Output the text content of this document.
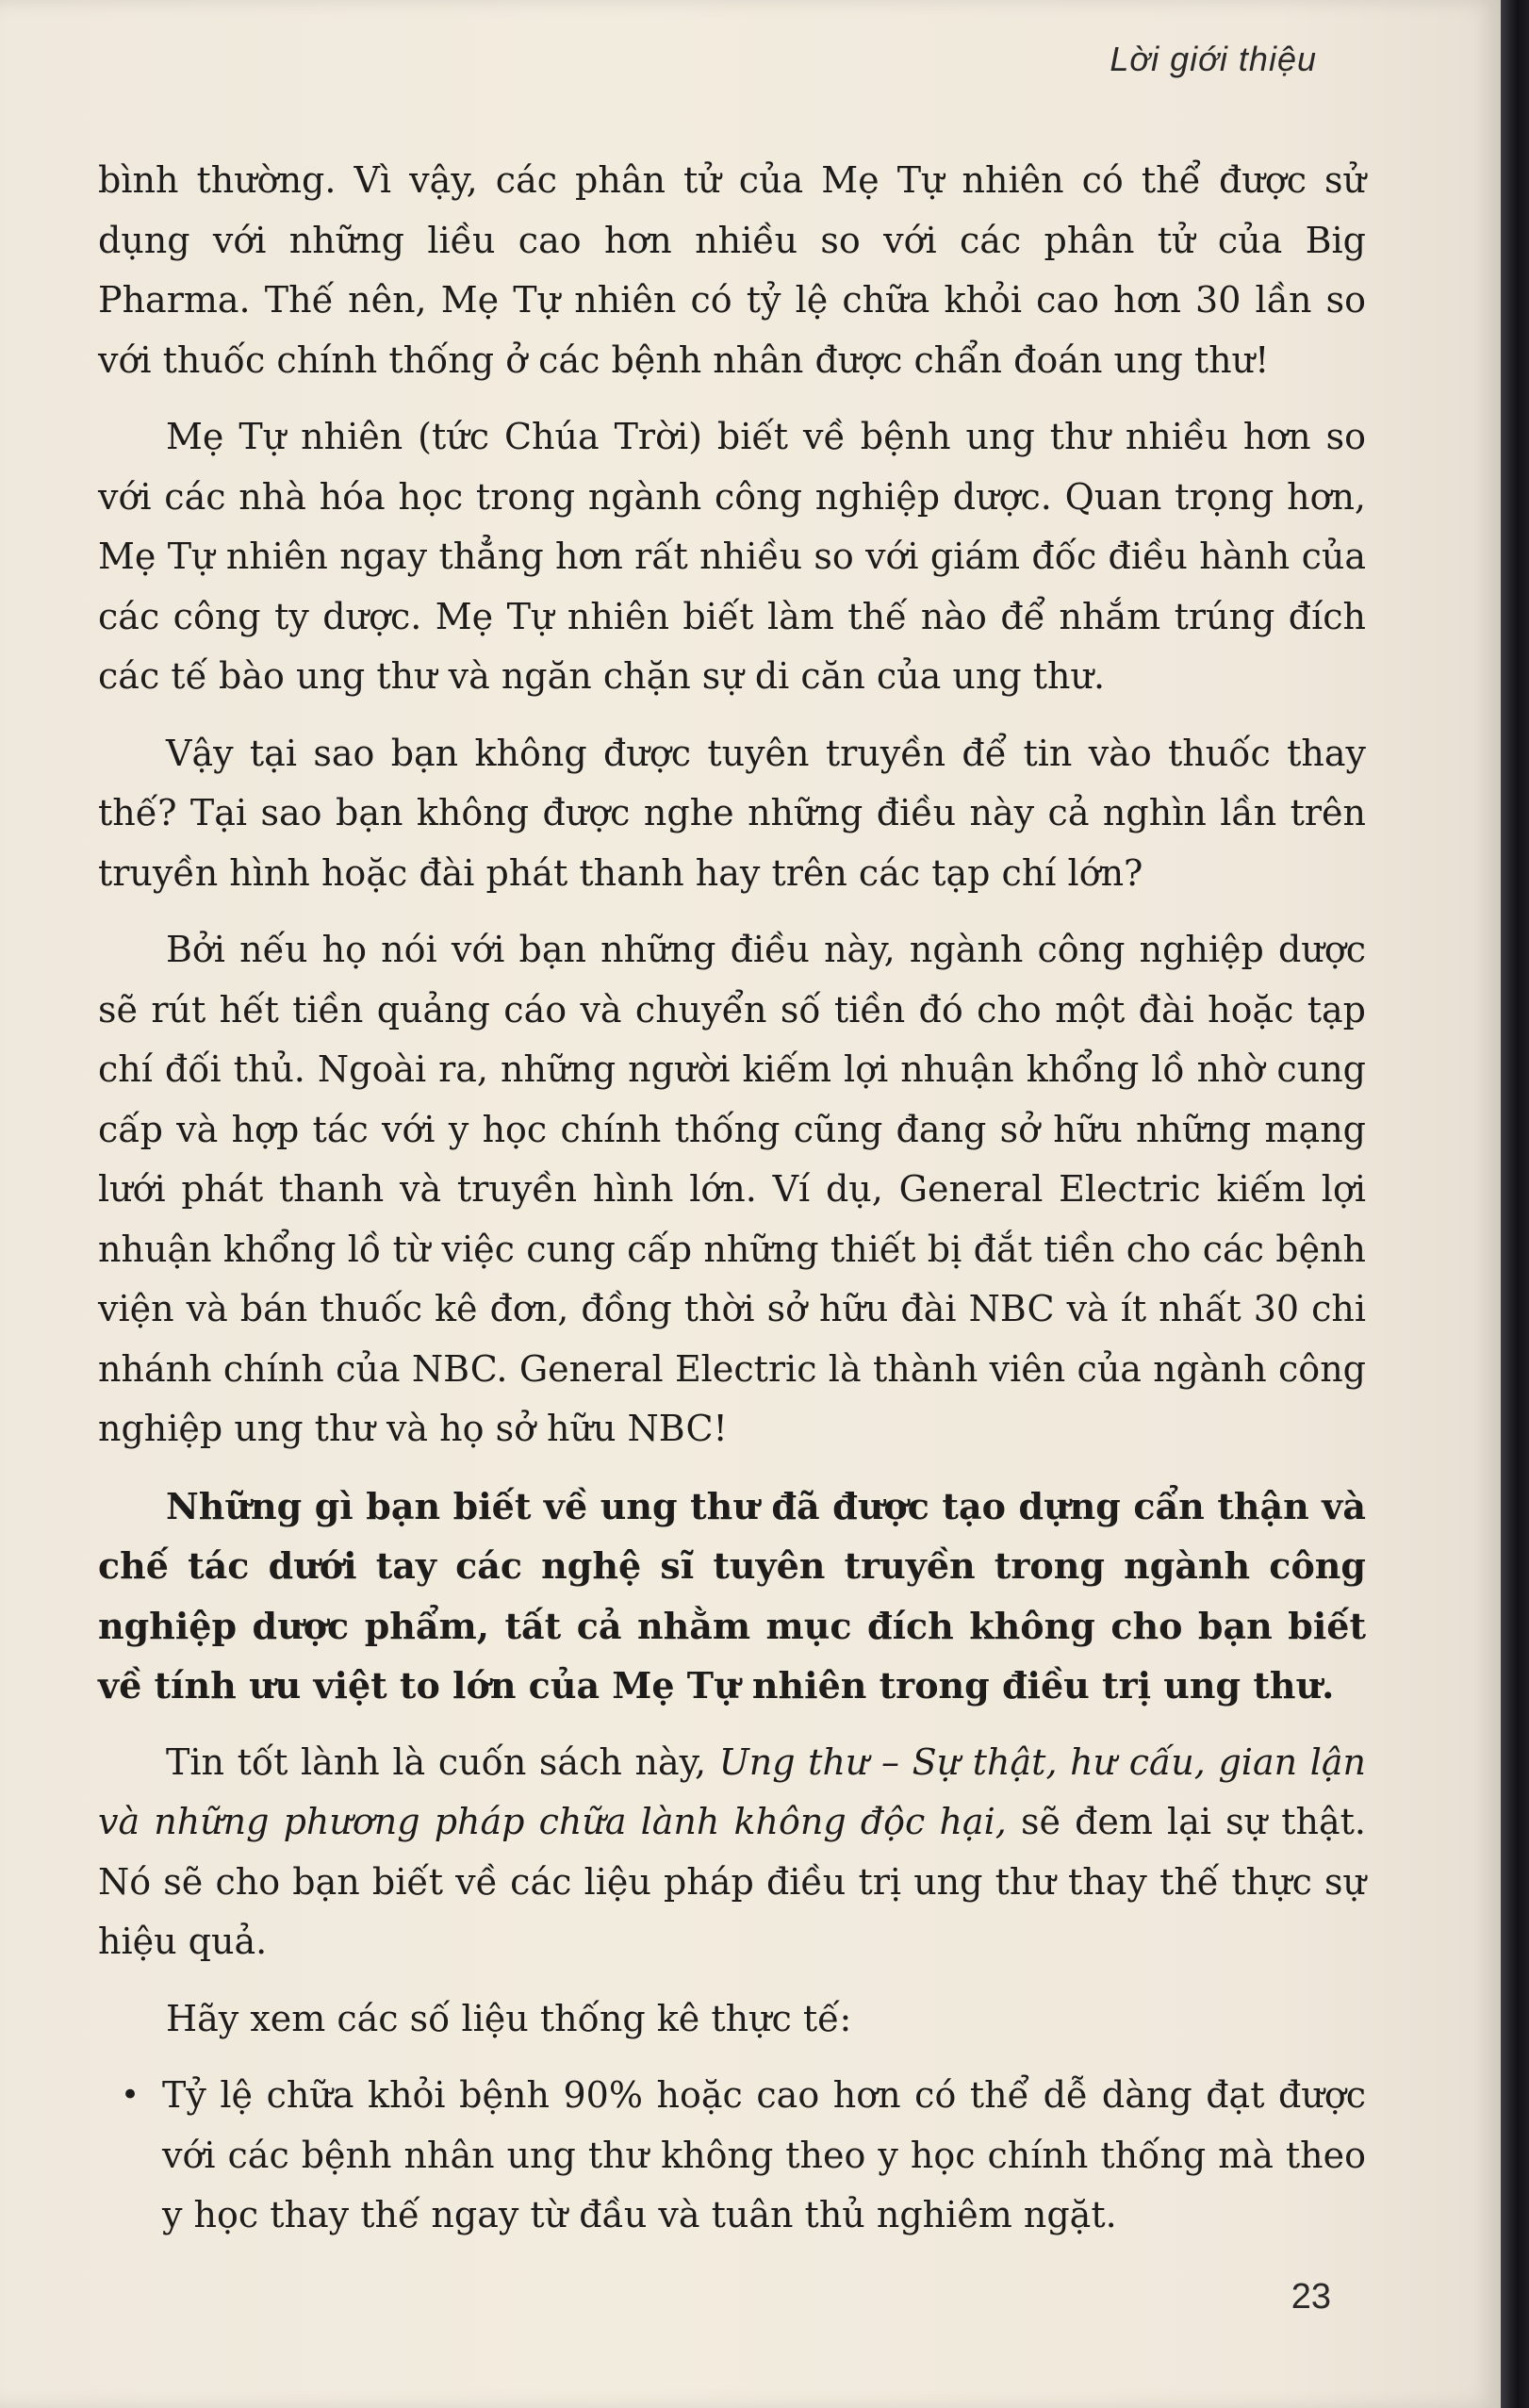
Lời giới thiệu

bình thường. Vì vậy, các phân tử của Mẹ Tự nhiên có thể được sử dụng với những liều cao hơn nhiều so với các phân tử của Big Pharma. Thế nên, Mẹ Tự nhiên có tỷ lệ chữa khỏi cao hơn 30 lần so với thuốc chính thống ở các bệnh nhân được chẩn đoán ung thư!

Mẹ Tự nhiên (tức Chúa Trời) biết về bệnh ung thư nhiều hơn so với các nhà hóa học trong ngành công nghiệp dược. Quan trọng hơn, Mẹ Tự nhiên ngay thẳng hơn rất nhiều so với giám đốc điều hành của các công ty dược. Mẹ Tự nhiên biết làm thế nào để nhắm trúng đích các tế bào ung thư và ngăn chặn sự di căn của ung thư.

Vậy tại sao bạn không được tuyên truyền để tin vào thuốc thay thế? Tại sao bạn không được nghe những điều này cả nghìn lần trên truyền hình hoặc đài phát thanh hay trên các tạp chí lớn?

Bởi nếu họ nói với bạn những điều này, ngành công nghiệp dược sẽ rút hết tiền quảng cáo và chuyển số tiền đó cho một đài hoặc tạp chí đối thủ. Ngoài ra, những người kiếm lợi nhuận khổng lồ nhờ cung cấp và hợp tác với y học chính thống cũng đang sở hữu những mạng lưới phát thanh và truyền hình lớn. Ví dụ, General Electric kiếm lợi nhuận khổng lồ từ việc cung cấp những thiết bị đắt tiền cho các bệnh viện và bán thuốc kê đơn, đồng thời sở hữu đài NBC và ít nhất 30 chi nhánh chính của NBC. General Electric là thành viên của ngành công nghiệp ung thư và họ sở hữu NBC!

Những gì bạn biết về ung thư đã được tạo dựng cẩn thận và chế tác dưới tay các nghệ sĩ tuyên truyền trong ngành công nghiệp dược phẩm, tất cả nhằm mục đích không cho bạn biết về tính ưu việt to lớn của Mẹ Tự nhiên trong điều trị ung thư.

Tin tốt lành là cuốn sách này, Ung thư – Sự thật, hư cấu, gian lận và những phương pháp chữa lành không độc hại, sẽ đem lại sự thật. Nó sẽ cho bạn biết về các liệu pháp điều trị ung thư thay thế thực sự hiệu quả.

Hãy xem các số liệu thống kê thực tế:

• Tỷ lệ chữa khỏi bệnh 90% hoặc cao hơn có thể dễ dàng đạt được với các bệnh nhân ung thư không theo y học chính thống mà theo y học thay thế ngay từ đầu và tuân thủ nghiêm ngặt.
23
